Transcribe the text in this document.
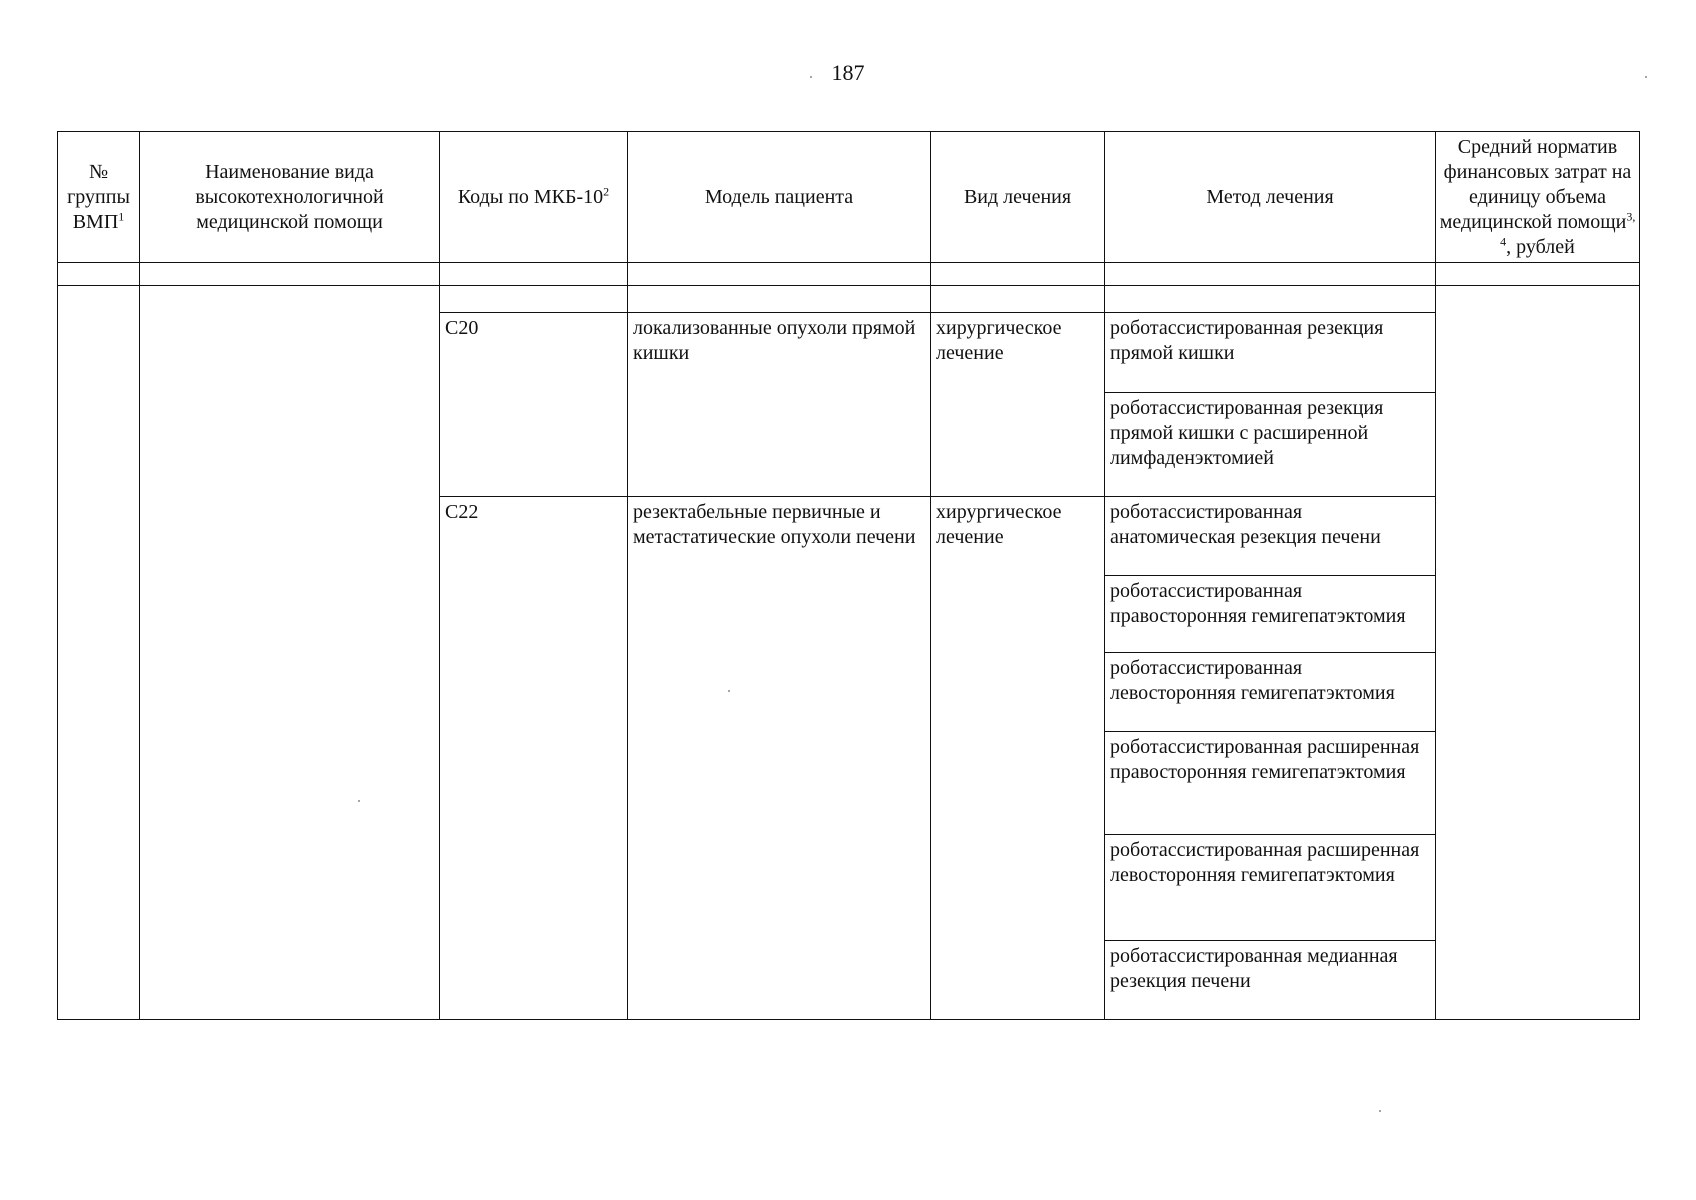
187
№ группы ВМП$^1$	Наименование вида высокотехнологичной медицинской помощи	Коды по МКБ-$10^2$	Модель пациента	Вид лечения	Метод лечения	Средний норматив финансовых затрат на единицу объема медицинской помощи$^{3, 4}$, рублей

		C20	локализованные опухоли прямой кишки	хирургическое лечение	роботассистированная резекция прямой кишки	
					роботассистированная резекция прямой кишки с расширенной лимфаденэктомией	
		C22	резектабельные первичные и метастатические опухоли печени	хирургическое лечение	роботассистированная анатомическая резекция печени	
					роботассистированная правосторонняя гемигепатэктомия	
					роботассистированная левосторонняя гемигепатэктомия	
					роботассистированная расширенная правосторонняя гемигепатэктомия	
					роботассистированная расширенная левосторонняя гемигепатэктомия	
					роботассистированная медианная резекция печени	
